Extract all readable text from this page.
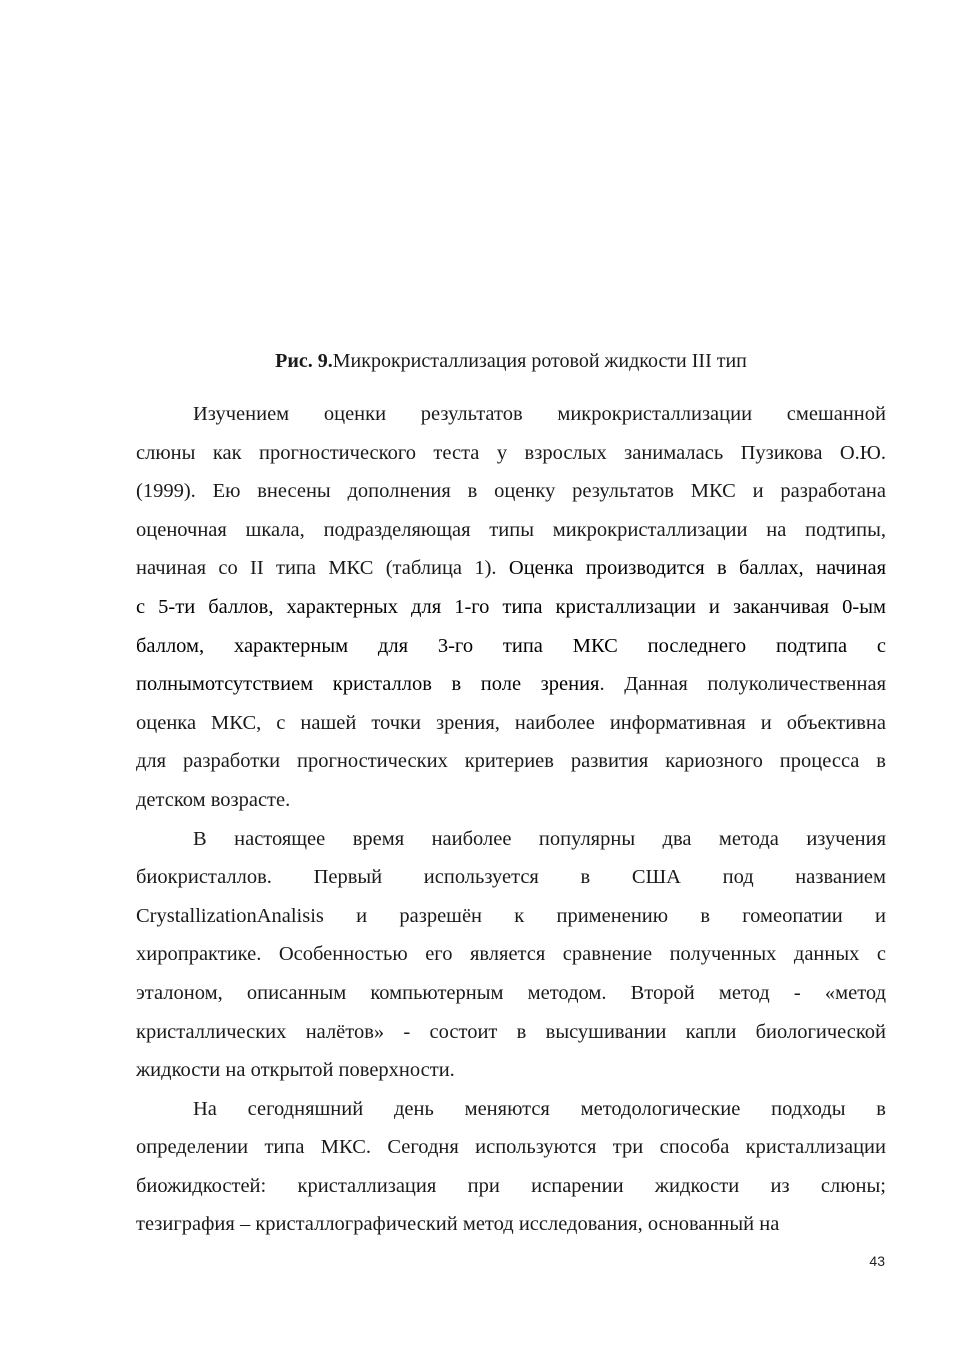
Рис. 9.Микрокристаллизация ротовой жидкости III тип
Изучением оценки результатов микрокристаллизации смешанной
слюны как прогностического теста у взрослых занималась Пузикова О.Ю.
(1999). Ею внесены дополнения в оценку результатов МКС и разработана
оценочная шкала, подразделяющая типы микрокристаллизации на подтипы,
начиная со II типа МКС (таблица 1). Оценка производится в баллах, начиная
с 5-ти баллов, характерных для 1-го типа кристаллизации и заканчивая 0-ым
баллом, характерным для 3-го типа МКС последнего подтипа с
полнымотсутствием кристаллов в поле зрения. Данная полуколичественная
оценка МКС, с нашей точки зрения, наиболее информативная и объективна
для разработки прогностических критериев развития кариозного процесса в
детском возрасте.
В настоящее время наиболее популярны два метода изучения
биокристаллов. Первый используется в США под названием
CrystallizationAnalisis и разрешён к применению в гомеопатии и
хиропрактике. Особенностью его является сравнение полученных данных с
эталоном, описанным компьютерным методом. Второй метод - «метод
кристаллических налётов» - состоит в высушивании капли биологической
жидкости на открытой поверхности.
На сегодняшний день меняются методологические подходы в
определении типа МКС. Сегодня используются три способа кристаллизации
биожидкостей: кристаллизация при испарении жидкости из слюны;
тезиграфия – кристаллографический метод исследования, основанный на
43
